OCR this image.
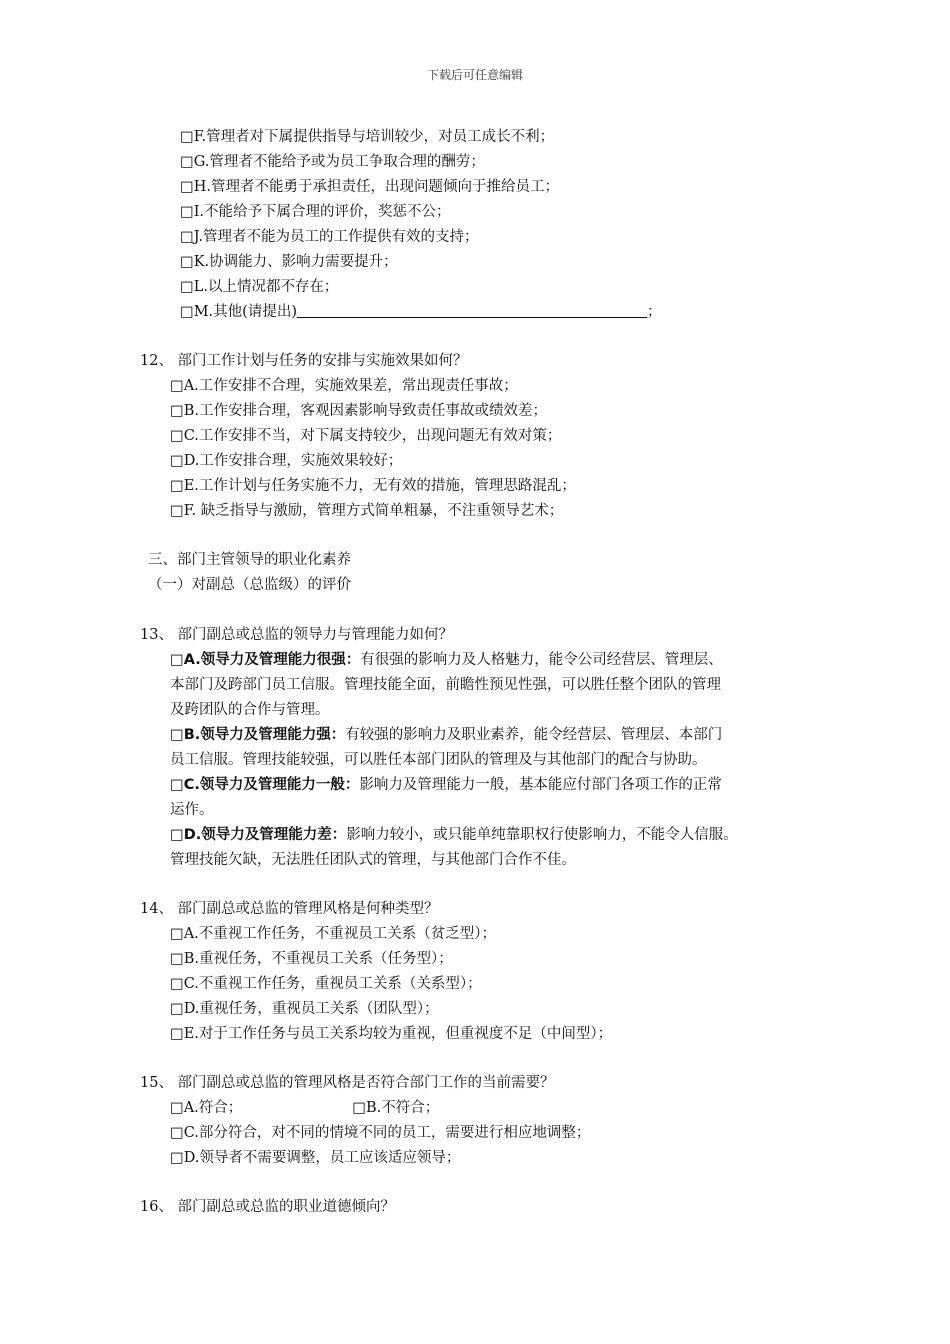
下载后可任意编辑
□F.管理者对下属提供指导与培训较少，对员工成长不利；
□G.管理者不能给予或为员工争取合理的酬劳；
□H.管理者不能勇于承担责任，出现问题倾向于推给员工；
□I.不能给予下属合理的评价，奖惩不公；
□J.管理者不能为员工的工作提供有效的支持；
□K.协调能力、影响力需要提升；
□L.以上情况都不存在；
□M.其他(请提出)	；
12、 部门工作计划与任务的安排与实施效果如何？
□A.工作安排不合理，实施效果差，常出现责任事故；
□B.工作安排合理，客观因素影响导致责任事故或绩效差；
□C.工作安排不当，对下属支持较少，出现问题无有效对策；
□D.工作安排合理，实施效果较好；
□E.工作计划与任务实施不力，无有效的措施，管理思路混乱；
□F. 缺乏指导与激励，管理方式简单粗暴，不注重领导艺术；
三、部门主管领导的职业化素养
（一）对副总（总监级）的评价
13、 部门副总或总监的领导力与管理能力如何？
□A.领导力及管理能力很强：有很强的影响力及人格魅力，能令公司经营层、管理层、
本部门及跨部门员工信服。管理技能全面，前瞻性预见性强，可以胜任整个团队的管理
及跨团队的合作与管理。
□B.领导力及管理能力强：有较强的影响力及职业素养，能令经营层、管理层、本部门
员工信服。管理技能较强，可以胜任本部门团队的管理及与其他部门的配合与协助。
□C.领导力及管理能力一般：影响力及管理能力一般，基本能应付部门各项工作的正常
运作。
□D.领导力及管理能力差：影响力较小，或只能单纯靠职权行使影响力，不能令人信服。
管理技能欠缺，无法胜任团队式的管理，与其他部门合作不佳。
14、 部门副总或总监的管理风格是何种类型？
□A.不重视工作任务，不重视员工关系（贫乏型）；
□B.重视任务，不重视员工关系（任务型）；
□C.不重视工作任务，重视员工关系（关系型）；
□D.重视任务，重视员工关系（团队型）；
□E.对于工作任务与员工关系均较为重视，但重视度不足（中间型）；
15、 部门副总或总监的管理风格是否符合部门工作的当前需要？
□A.符合；	□B.不符合；
□C.部分符合，对不同的情境不同的员工，需要进行相应地调整；
□D.领导者不需要调整，员工应该适应领导；
16、 部门副总或总监的职业道德倾向？
